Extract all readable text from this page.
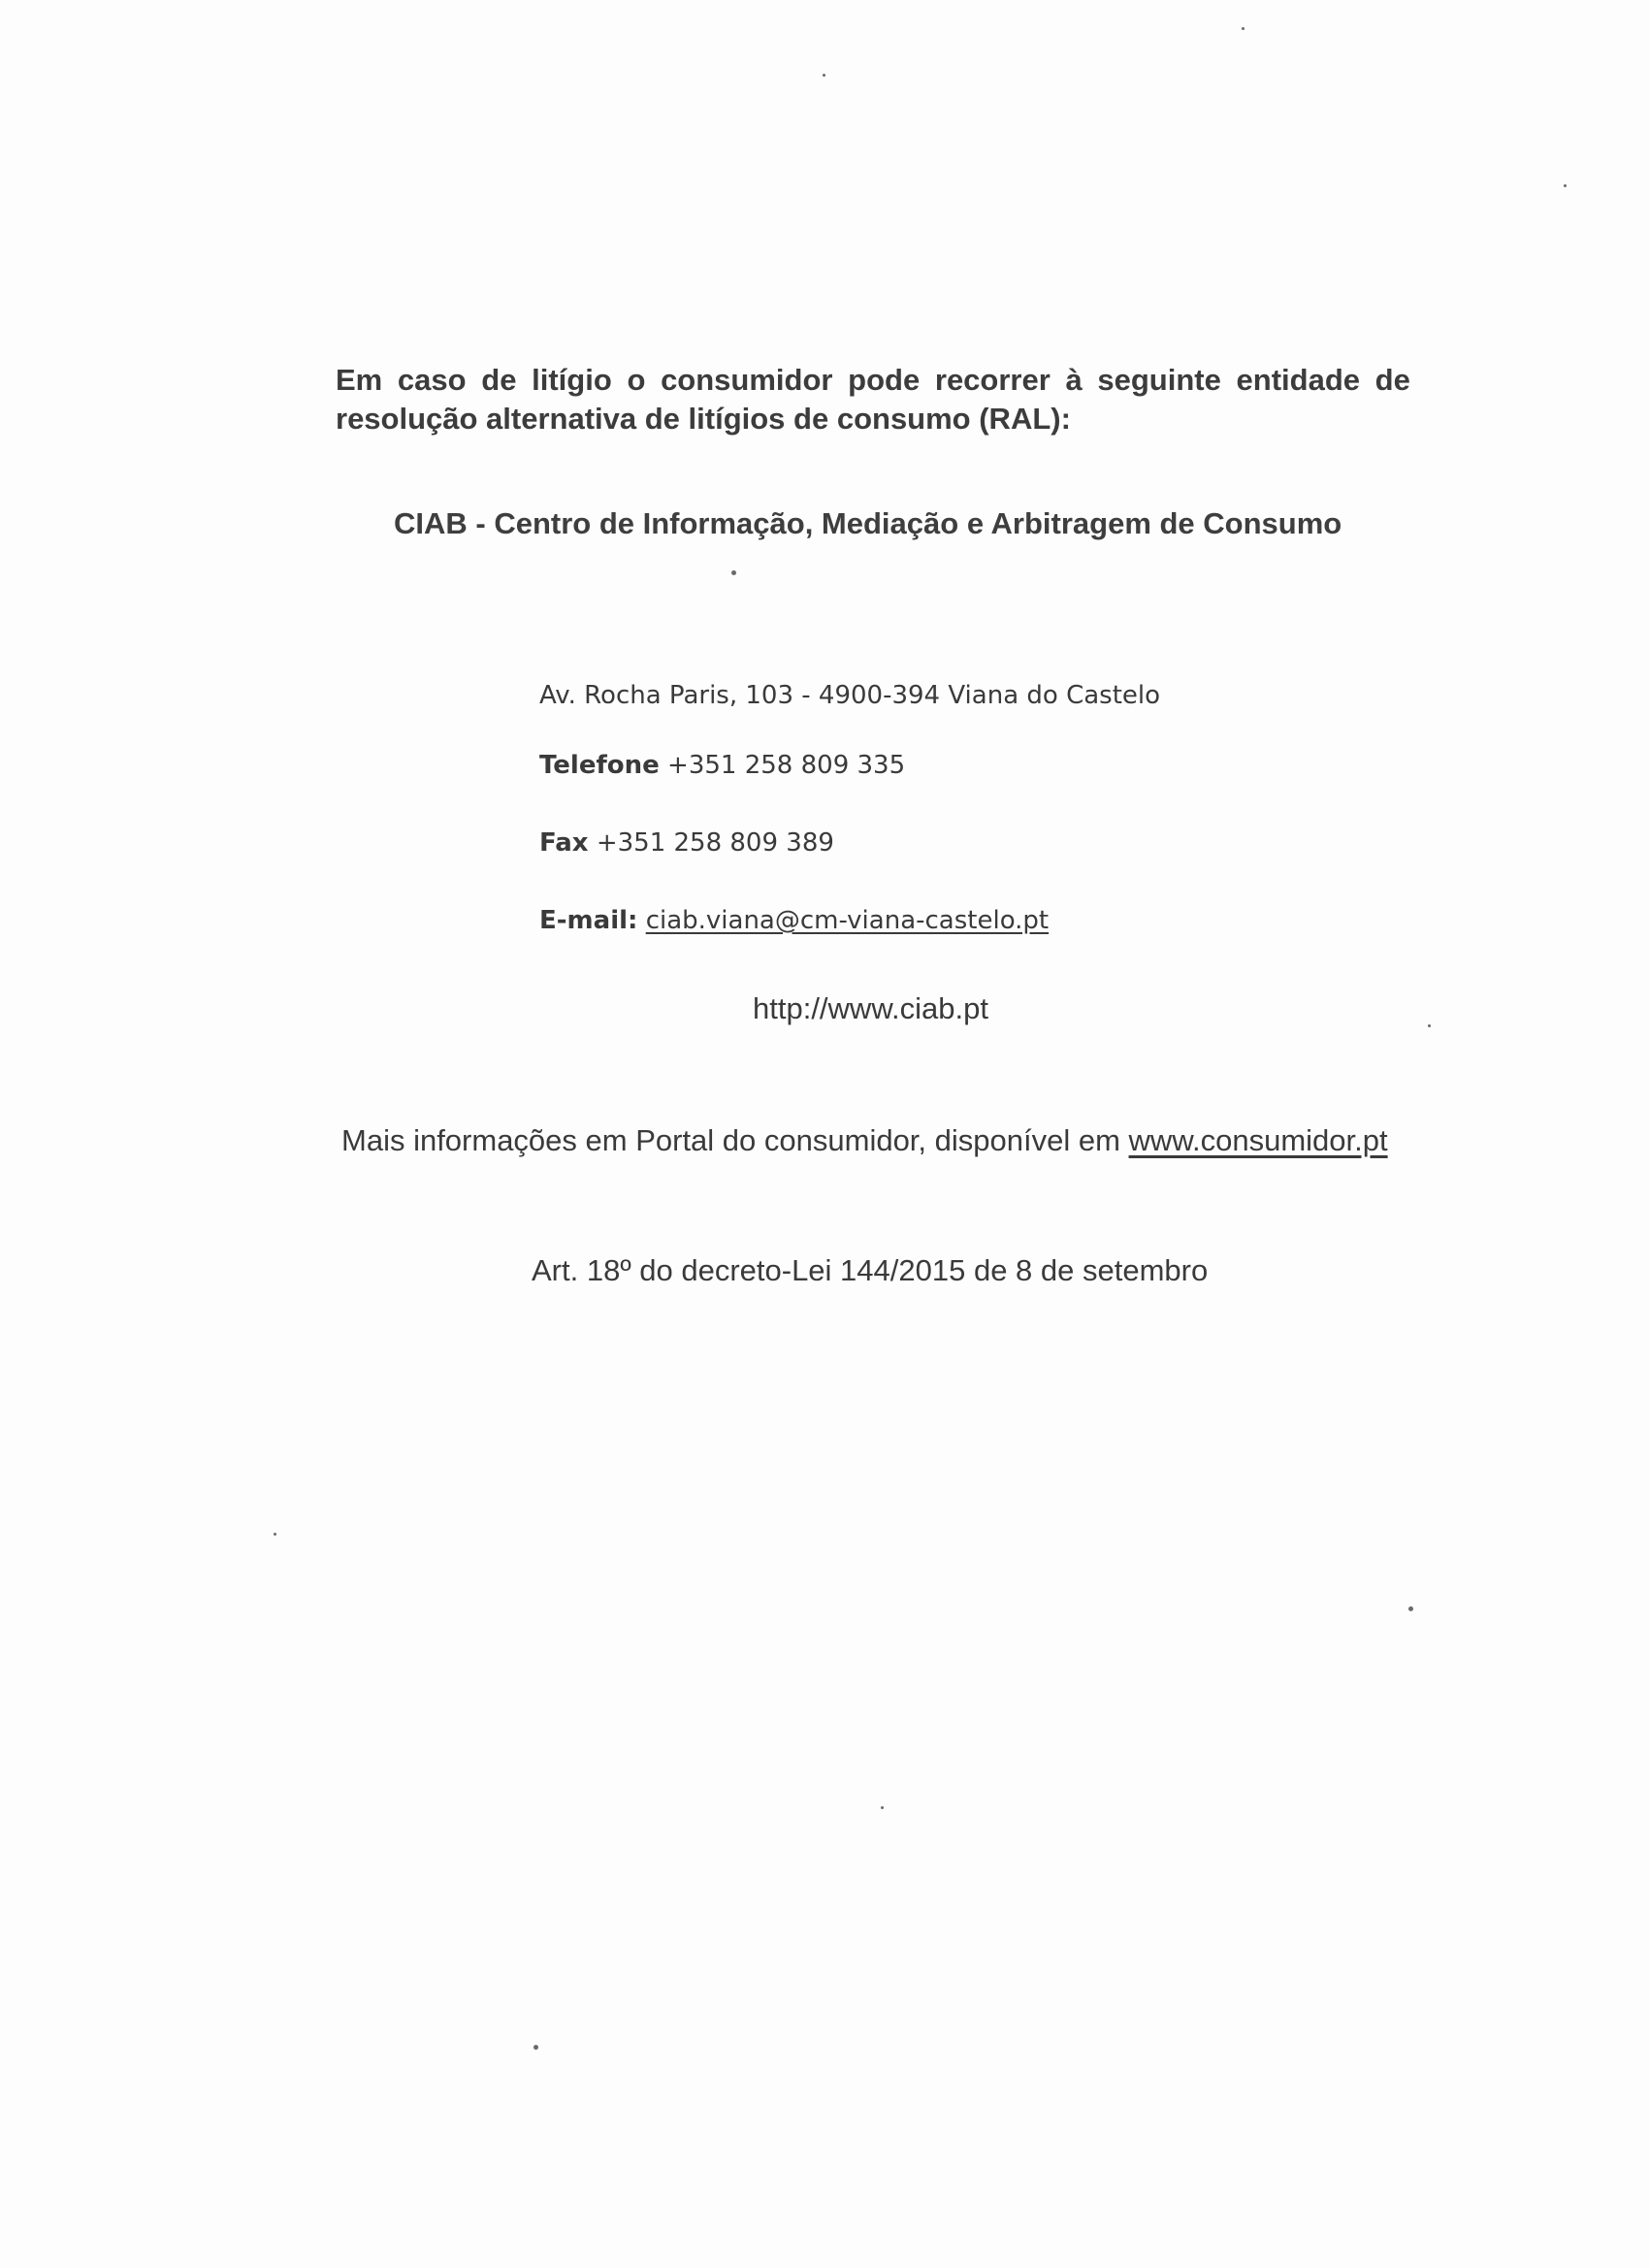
Em caso de litígio o consumidor pode recorrer à seguinte entidade de
resolução alternativa de litígios de consumo (RAL):
CIAB - Centro de Informação, Mediação e Arbitragem de Consumo
Av. Rocha Paris, 103 - 4900-394 Viana do Castelo
Telefone +351 258 809 335
Fax +351 258 809 389
E-mail: ciab.viana@cm-viana-castelo.pt
http://www.ciab.pt
Mais informações em Portal do consumidor, disponível em www.consumidor.pt
Art. 18º do decreto-Lei 144/2015 de 8 de setembro
